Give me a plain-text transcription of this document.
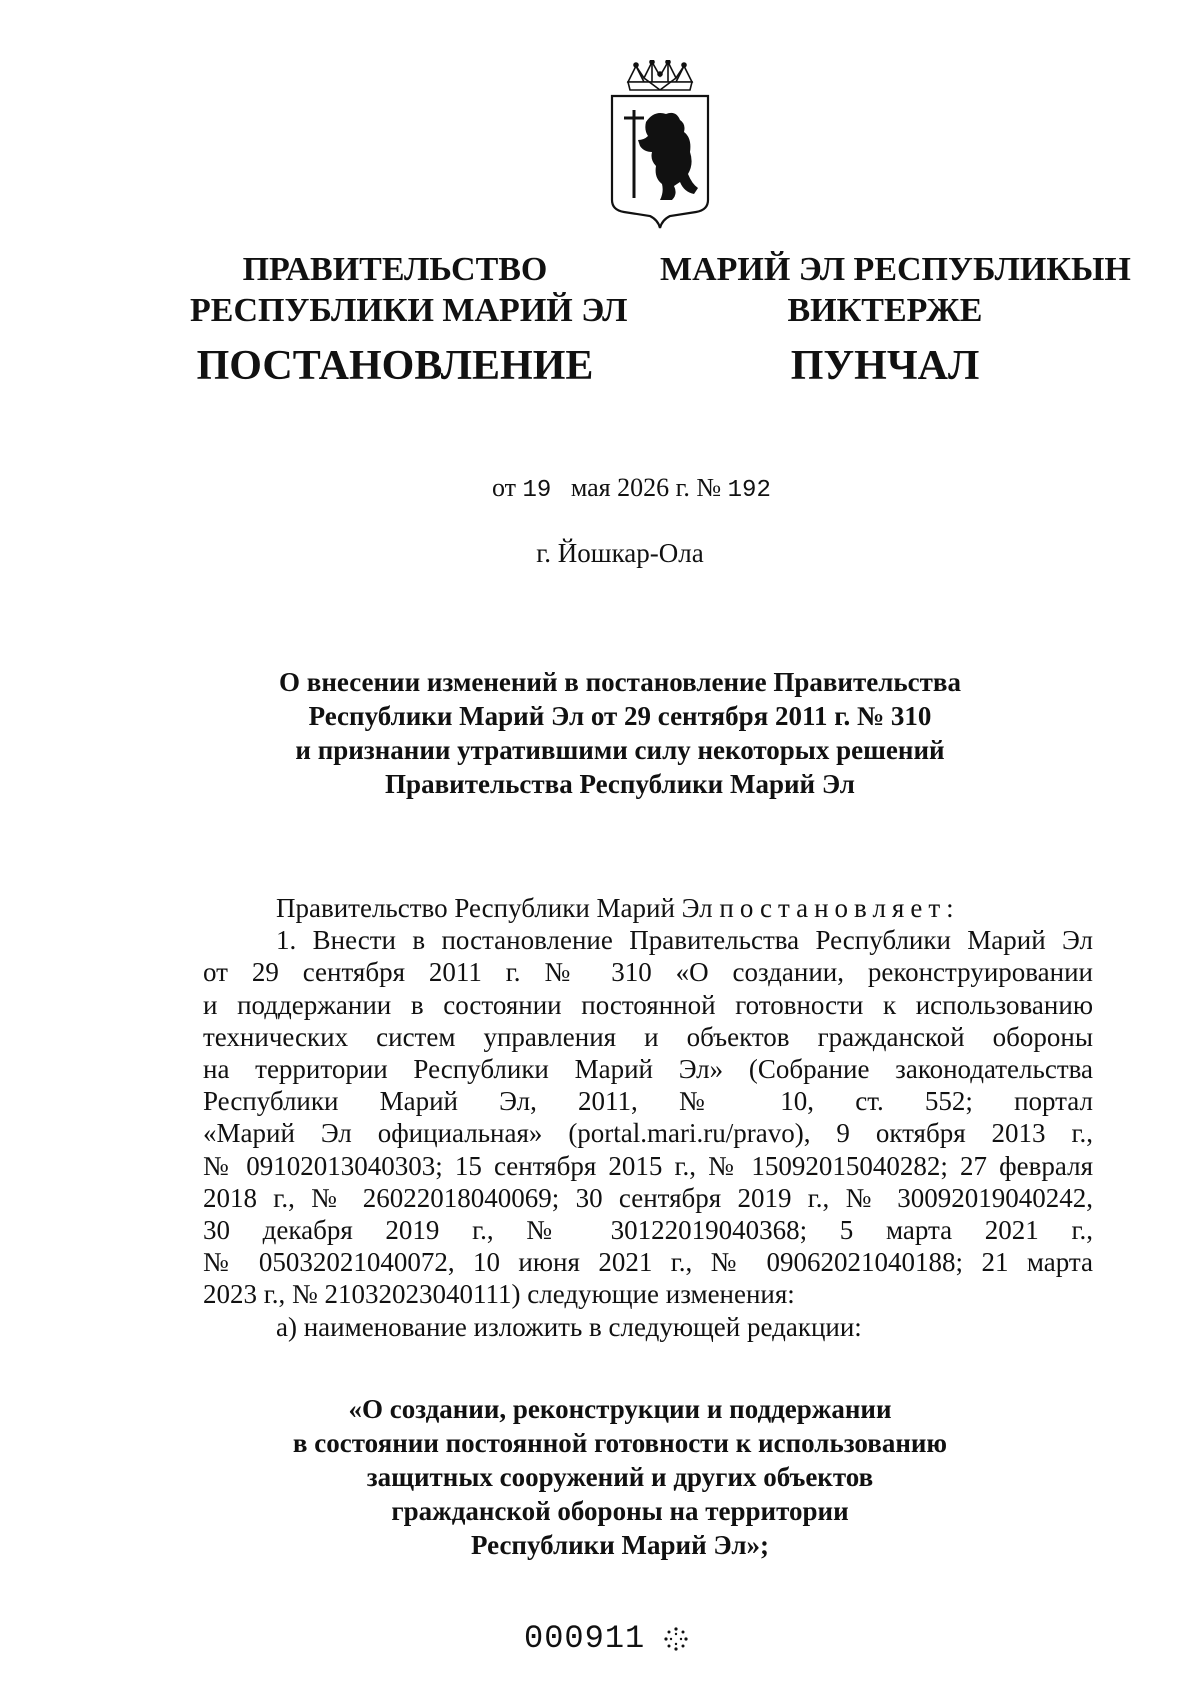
ПРАВИТЕЛЬСТВО
РЕСПУБЛИКИ МАРИЙ ЭЛ
ПОСТАНОВЛЕНИЕ
МАРИЙ ЭЛ РЕСПУБЛИКЫН
ВИКТЕРЖЕ
ПУНЧАЛ
от 19 мая 2026 г. № 192
г. Йошкар-Ола
О внесении изменений в постановление Правительства
Республики Марий Эл от 29 сентября 2011 г. № 310
и признании утратившими силу некоторых решений
Правительства Республики Марий Эл
Правительство Республики Марий Эл постановляет:
1. Внести в постановление Правительства Республики Марий Эл
от 29 сентября 2011 г. № 310 «О создании, реконструировании
и поддержании в состоянии постоянной готовности к использованию
технических систем управления и объектов гражданской обороны
на территории Республики Марий Эл» (Собрание законодательства
Республики Марий Эл, 2011, № 10, ст. 552; портал
«Марий Эл официальная» (portal.mari.ru/pravo), 9 октября 2013 г.,
№ 09102013040303; 15 сентября 2015 г., № 15092015040282; 27 февраля
2018 г., № 26022018040069; 30 сентября 2019 г., № 30092019040242,
30 декабря 2019 г., № 30122019040368; 5 марта 2021 г.,
№ 05032021040072, 10 июня 2021 г., № 09062021040188; 21 марта
2023 г., № 21032023040111) следующие изменения:
а) наименование изложить в следующей редакции:
«О создании, реконструкции и поддержании
в состоянии постоянной готовности к использованию
защитных сооружений и других объектов
гражданской обороны на территории
Республики Марий Эл»;
000911
